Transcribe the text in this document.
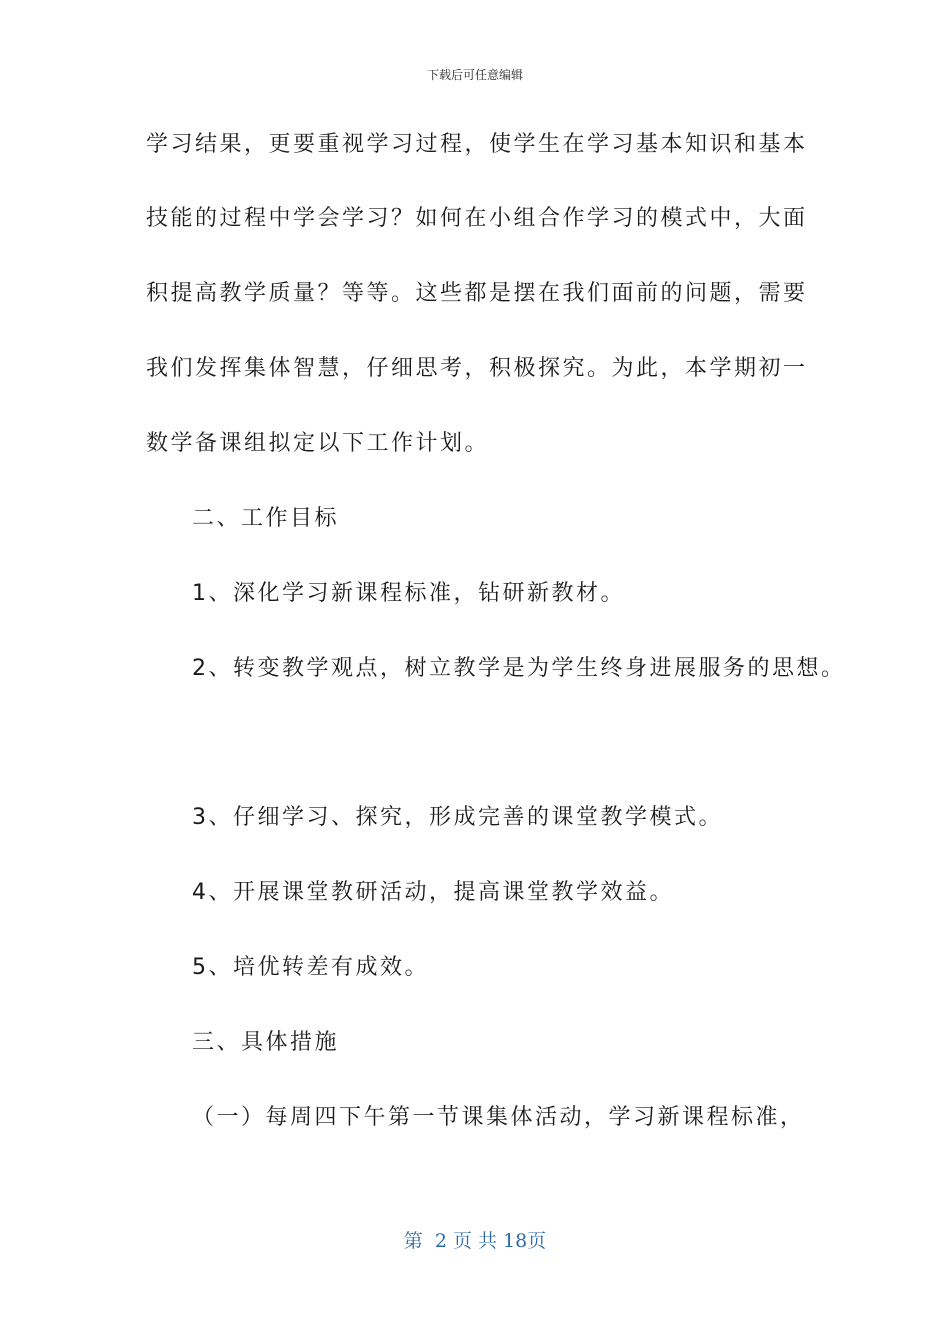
下载后可任意编辑
学习结果，更要重视学习过程，使学生在学习基本知识和基本
技能的过程中学会学习？如何在小组合作学习的模式中，大面
积提高教学质量？等等。这些都是摆在我们面前的问题，需要
我们发挥集体智慧，仔细思考，积极探究。为此，本学期初一
数学备课组拟定以下工作计划。
二、工作目标
1、深化学习新课程标准，钻研新教材。
2、转变教学观点，树立教学是为学生终身进展服务的思想。
3、仔细学习、探究，形成完善的课堂教学模式。
4、开展课堂教研活动，提高课堂教学效益。
5、培优转差有成效。
三、具体措施
（一）每周四下午第一节课集体活动，学习新课程标准，
第  2 页 共 18页
